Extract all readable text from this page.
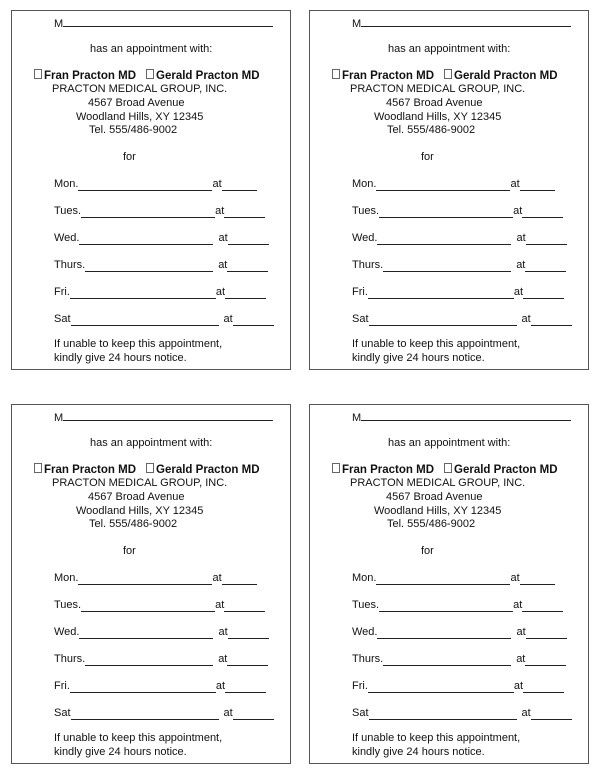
M
has an appointment with:
Fran Practon MD Gerald Practon MD
PRACTON MEDICAL GROUP, INC.
4567 Broad Avenue
Woodland Hills, XY 12345
Tel. 555/486-9002
for
Mon.	at
Tues.	at
Wed.	at
Thurs.	at
Fri.	at
Sat	at
If unable to keep this appointment,
kindly give 24 hours notice.
M
has an appointment with:
Fran Practon MD Gerald Practon MD
PRACTON MEDICAL GROUP, INC.
4567 Broad Avenue
Woodland Hills, XY 12345
Tel. 555/486-9002
for
Mon.	at
Tues.	at
Wed.	at
Thurs.	at
Fri.	at
Sat	at
If unable to keep this appointment,
kindly give 24 hours notice.
M
has an appointment with:
Fran Practon MD Gerald Practon MD
PRACTON MEDICAL GROUP, INC.
4567 Broad Avenue
Woodland Hills, XY 12345
Tel. 555/486-9002
for
Mon.	at
Tues.	at
Wed.	at
Thurs.	at
Fri.	at
Sat	at
If unable to keep this appointment,
kindly give 24 hours notice.
M
has an appointment with:
Fran Practon MD Gerald Practon MD
PRACTON MEDICAL GROUP, INC.
4567 Broad Avenue
Woodland Hills, XY 12345
Tel. 555/486-9002
for
Mon.	at
Tues.	at
Wed.	at
Thurs.	at
Fri.	at
Sat	at
If unable to keep this appointment,
kindly give 24 hours notice.
